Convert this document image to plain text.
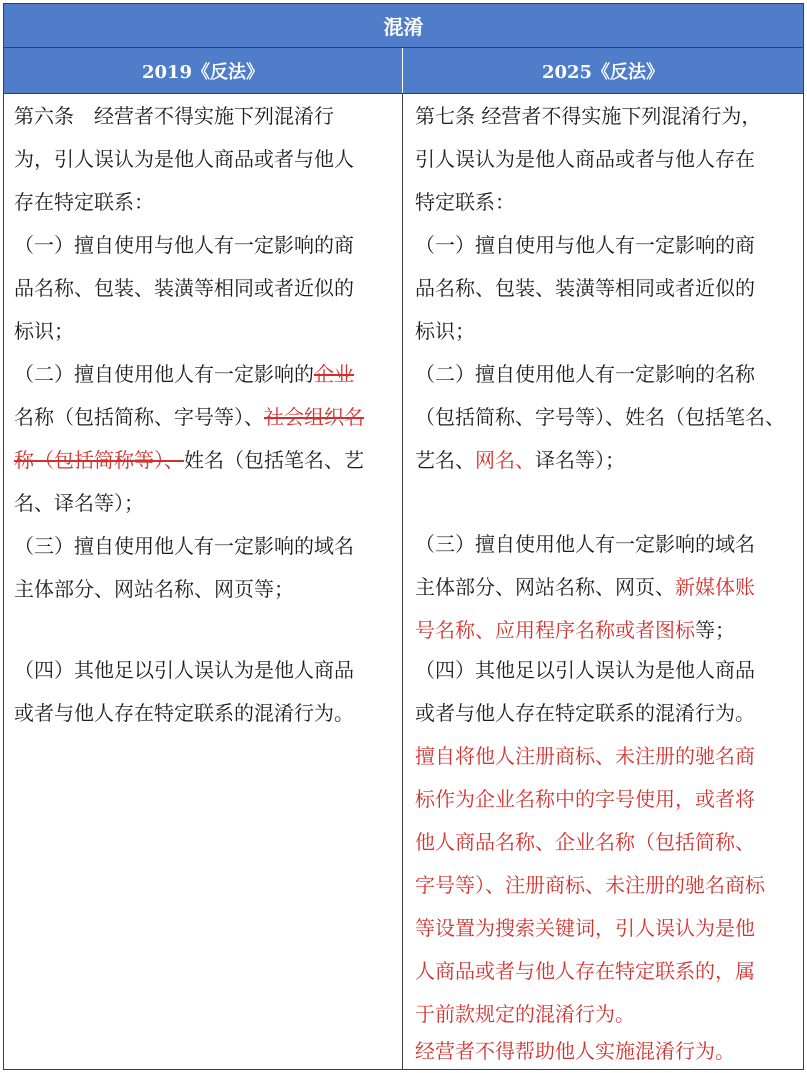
混淆
2019《反法》	2025《反法》
第六条　经营者不得实施下列混淆行
为，引人误认为是他人商品或者与他人
存在特定联系：
（一）擅自使用与他人有一定影响的商
品名称、包装、装潢等相同或者近似的
标识；
（二）擅自使用他人有一定影响的企业
名称（包括简称、字号等）、社会组织名
称（包括简称等）、姓名（包括笔名、艺
名、译名等）；
（三）擅自使用他人有一定影响的域名
主体部分、网站名称、网页等；
（四）其他足以引人误认为是他人商品
或者与他人存在特定联系的混淆行为。
第七条 经营者不得实施下列混淆行为，
引人误认为是他人商品或者与他人存在
特定联系：
（一）擅自使用与他人有一定影响的商
品名称、包装、装潢等相同或者近似的
标识；
（二）擅自使用他人有一定影响的名称
（包括简称、字号等）、姓名（包括笔名、
艺名、网名、译名等）；
（三）擅自使用他人有一定影响的域名
主体部分、网站名称、网页、新媒体账
号名称、应用程序名称或者图标等；
（四）其他足以引人误认为是他人商品
或者与他人存在特定联系的混淆行为。
擅自将他人注册商标、未注册的驰名商
标作为企业名称中的字号使用，或者将
他人商品名称、企业名称（包括简称、
字号等）、注册商标、未注册的驰名商标
等设置为搜索关键词，引人误认为是他
人商品或者与他人存在特定联系的，属
于前款规定的混淆行为。
经营者不得帮助他人实施混淆行为。
